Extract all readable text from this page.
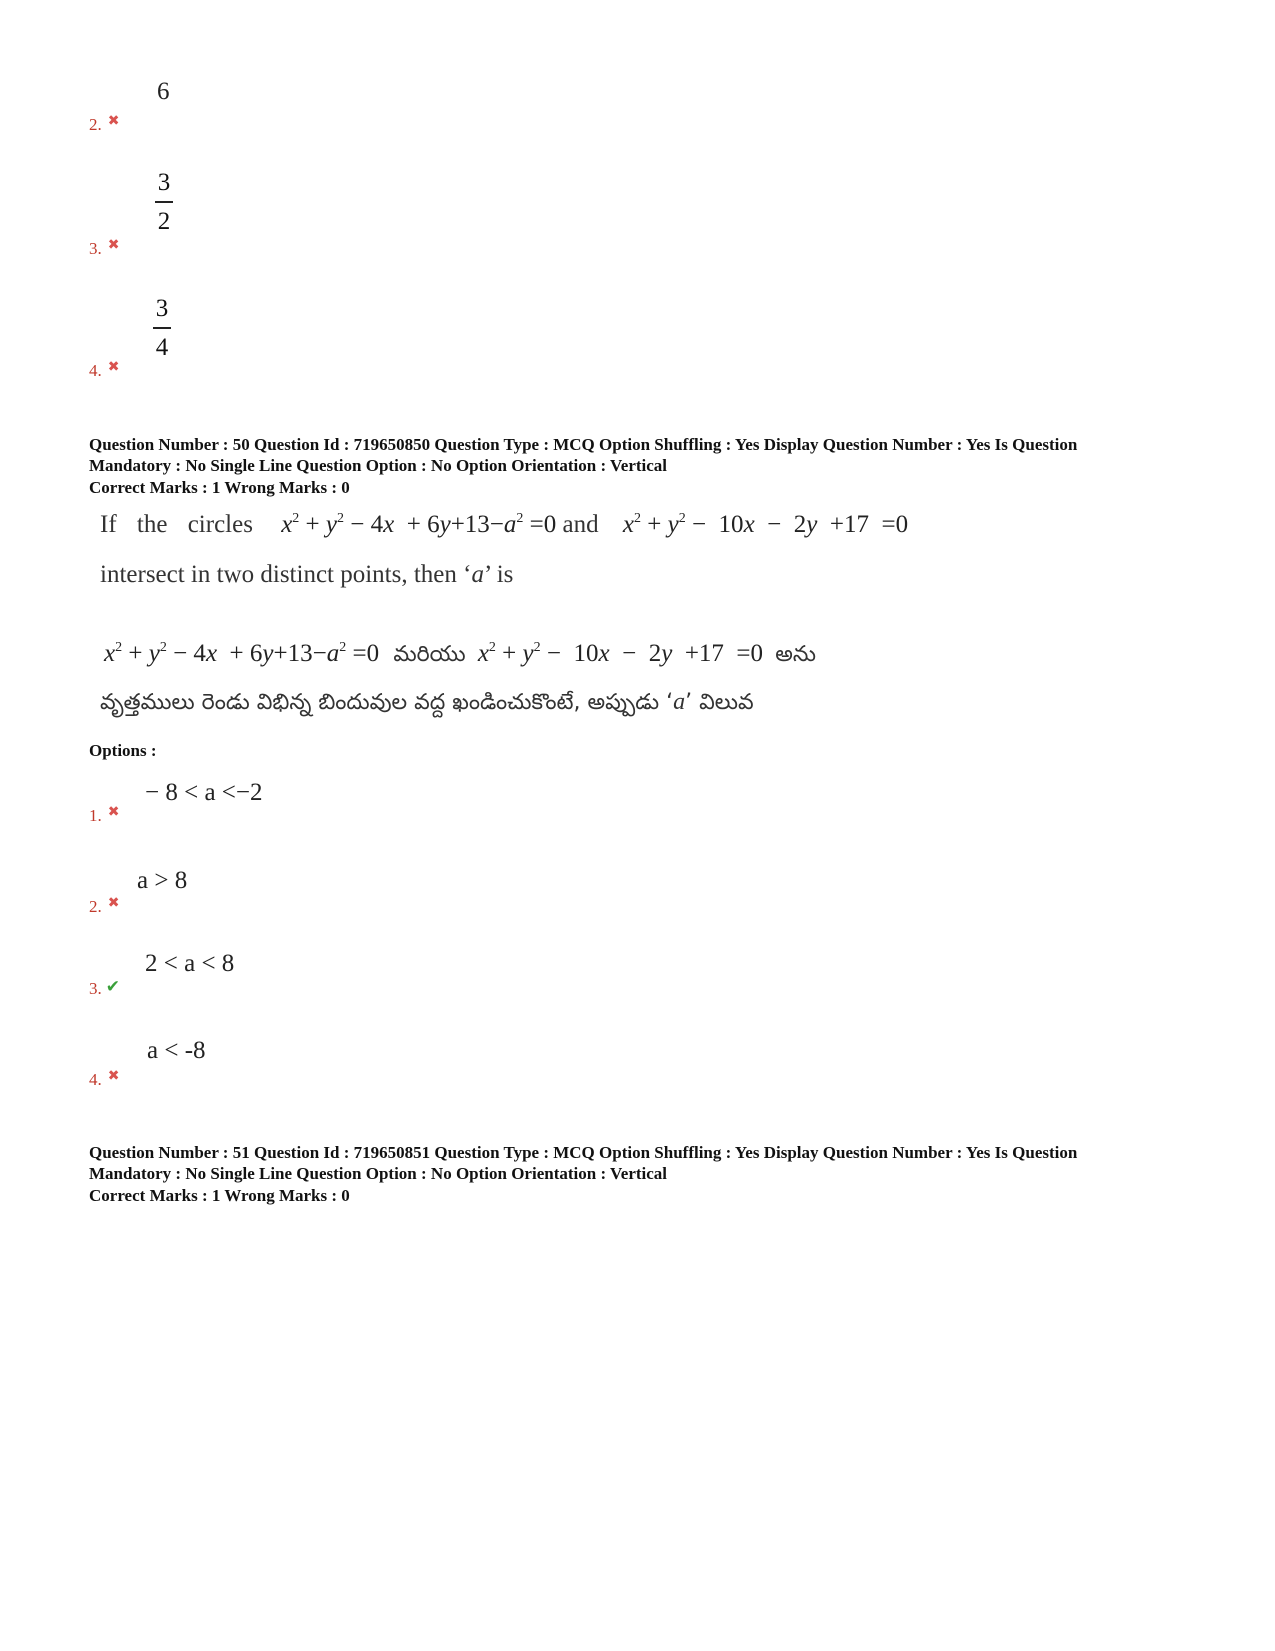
6
2. ✖
3
2
3. ✖
3
4
4. ✖
Question Number : 50 Question Id : 719650850 Question Type : MCQ Option Shuffling : Yes Display Question Number : Yes Is Question
Mandatory : No Single Line Question Option : No Option Orientation : Vertical
Correct Marks : 1 Wrong Marks : 0
If the circles $x^2 + y^2 - 4x + 6y+13-a^2 =0$ and $x^2 + y^2 - 10x - 2y +17 =0$
intersect in two distinct points, then ‘a’ is
$x^2 + y^2 - 4x + 6y+13-a^2 =0$ మరియు $x^2 + y^2 - 10x - 2y +17 =0$ అను
వృత్తములు రెండు విభిన్న బిందువుల వద్ద ఖండించుకొంటే, అప్పుడు ‘a’ విలువ
Options :
− 8 < a <−2
1. ✖
a > 8
2. ✖
2 < a < 8
3. ✔
a < -8
4. ✖
Question Number : 51 Question Id : 719650851 Question Type : MCQ Option Shuffling : Yes Display Question Number : Yes Is Question
Mandatory : No Single Line Question Option : No Option Orientation : Vertical
Correct Marks : 1 Wrong Marks : 0
